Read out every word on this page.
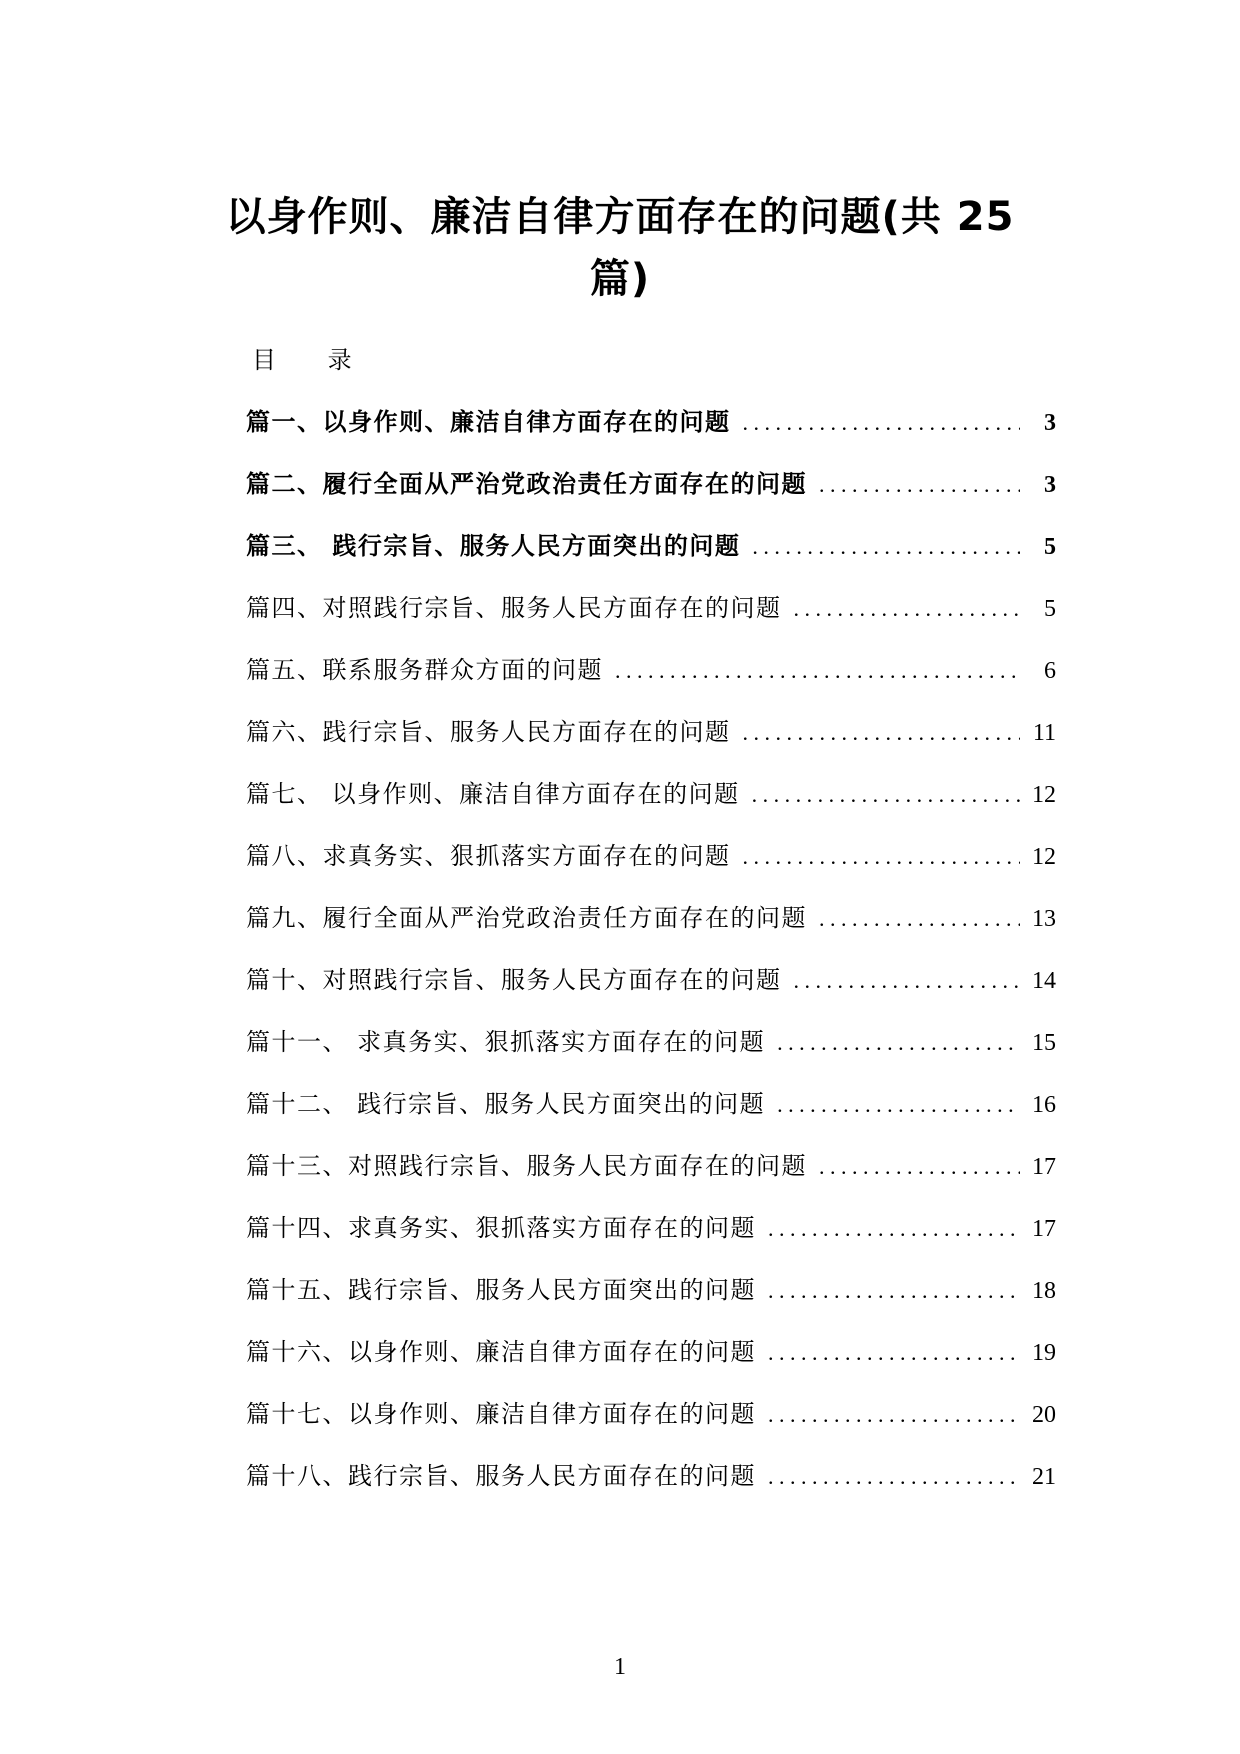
以身作则、廉洁自律方面存在的问题(共 25 篇)
目 录
篇一、以身作则、廉洁自律方面存在的问题 . . .	3
篇二、履行全面从严治党政治责任方面存在的问题 . . .	3
篇三、 践行宗旨、服务人民方面突出的问题 . . .	5
篇四、对照践行宗旨、服务人民方面存在的问题 . . .	5
篇五、联系服务群众方面的问题 . . .	6
篇六、践行宗旨、服务人民方面存在的问题 . . .	11
篇七、 以身作则、廉洁自律方面存在的问题 . . .	12
篇八、求真务实、狠抓落实方面存在的问题 . . .	12
篇九、履行全面从严治党政治责任方面存在的问题 . . .	13
篇十、对照践行宗旨、服务人民方面存在的问题 . . .	14
篇十一、 求真务实、狠抓落实方面存在的问题 . . .	15
篇十二、 践行宗旨、服务人民方面突出的问题 . . .	16
篇十三、对照践行宗旨、服务人民方面存在的问题 . . .	17
篇十四、求真务实、狠抓落实方面存在的问题 . . .	17
篇十五、践行宗旨、服务人民方面突出的问题 . . .	18
篇十六、以身作则、廉洁自律方面存在的问题 . . .	19
篇十七、以身作则、廉洁自律方面存在的问题 . . .	20
篇十八、践行宗旨、服务人民方面存在的问题 . . .	21
1
